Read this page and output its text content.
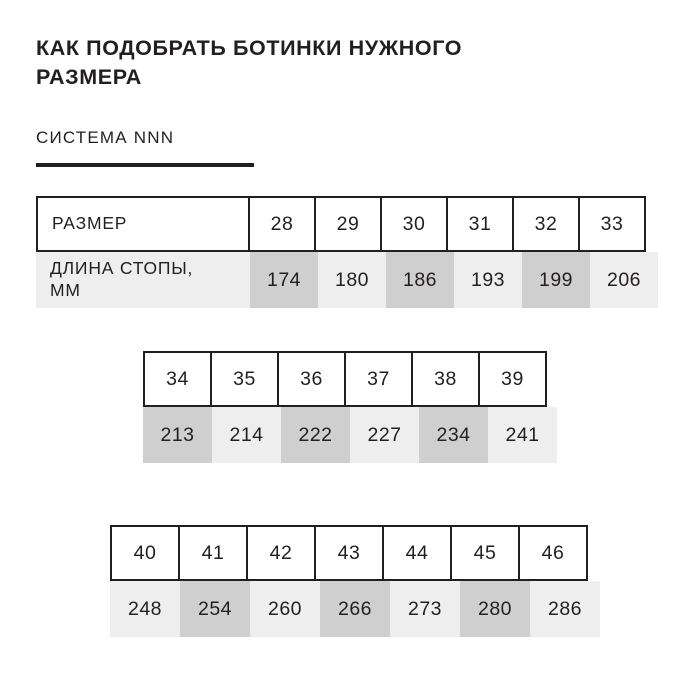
КАК ПОДОБРАТЬ БОТИНКИ НУЖНОГО РАЗМЕРА
СИСТЕМА NNN
РАЗМЕР	28	29	30	31	32	33
ДЛИНА СТОПЫ,
ММ	174	180	186	193	199	206
34	35	36	37	38	39
213	214	222	227	234	241
40	41	42	43	44	45	46
248	254	260	266	273	280	286
